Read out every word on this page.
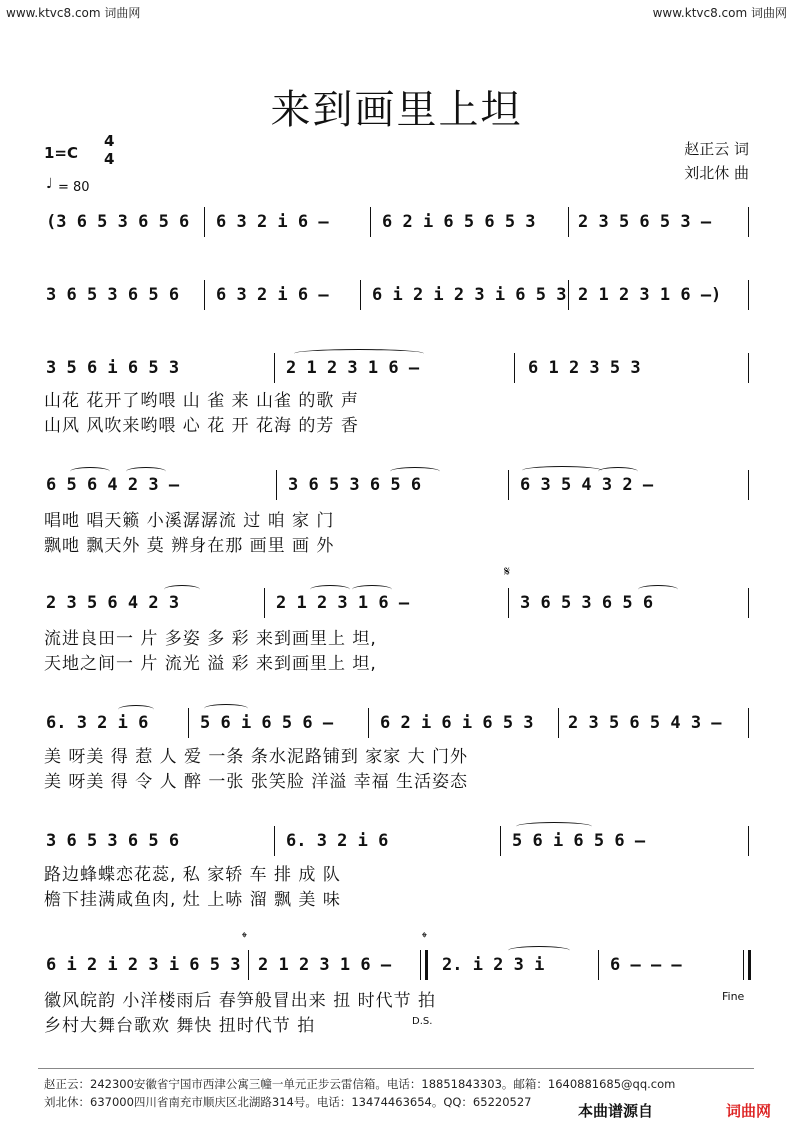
www.ktvc8.com 词曲网	www.ktvc8.com 词曲网
来到画里上坦
1=C
4
4
♩ = 80
赵正云 词
刘北休 曲
(3 6 5 3 6 5 6 6 3 2 i 6 –	6 2 i 6 5 6 5 3 2 3 5 6 5 3 –
3 6 5 3 6 5 6 6 3 2 i 6 –	6 i 2 i 2 3 i 6 5 3 2 1 2 3 1 6 –)
3 5 6 i 6 5 3	2 1 2 3 1 6 –	6 1 2 3 5 3
山花 花开了哟喂 山 雀 来 山雀 的歌 声
山风 风吹来哟喂 心 花 开 花海 的芳 香
6 5 6 4 2 3 –	3 6 5 3 6 5 6	6 3 5 4 3 2 –
唱吔 唱天籁 小溪潺潺流 过 咱 家 门
飘吔 飘天外 莫 辨身在那 画里 画 外
𝄋
2 3 5 6 4 2 3	2 1 2 3 1 6 –	3 6 5 3 6 5 6
流进良田一 片 多姿 多 彩 来到画里上 坦,
天地之间一 片 流光 溢 彩 来到画里上 坦,
6. 3 2 i 6	5 6 i 6 5 6 –	6 2 i 6 i 6 5 3 2 3 5 6 5 4 3 –
美 呀美 得 惹 人 爱 一条 条水泥路铺到 家家 大 门外
美 呀美 得 令 人 醉 一张 张笑脸 洋溢 幸福 生活姿态
3 6 5 3 6 5 6	6. 3 2 i 6	5 6 i 6 5 6 –
路边蜂蝶恋花蕊, 私 家轿 车 排 成 队
檐下挂满咸鱼肉, 灶 上哧 溜 飘 美 味
𝄌	𝄌
6 i 2 i 2 3 i 6 5 3 2 1 2 3 1 6 –	2. i 2 3 i	6 – – –
徽风皖韵 小洋楼雨后 春笋般冒出来 扭 时代节 拍
乡村大舞台歌欢 舞快 扭时代节 拍
Fine
D.S.
赵正云：242300安徽省宁国市西津公寓三幢一单元正步云雷信箱。电话：18851843303。邮箱：1640881685@qq.com
刘北休：637000四川省南充市顺庆区北湖路314号。电话：13474463654。QQ：65220527	本曲谱源自	词曲网
